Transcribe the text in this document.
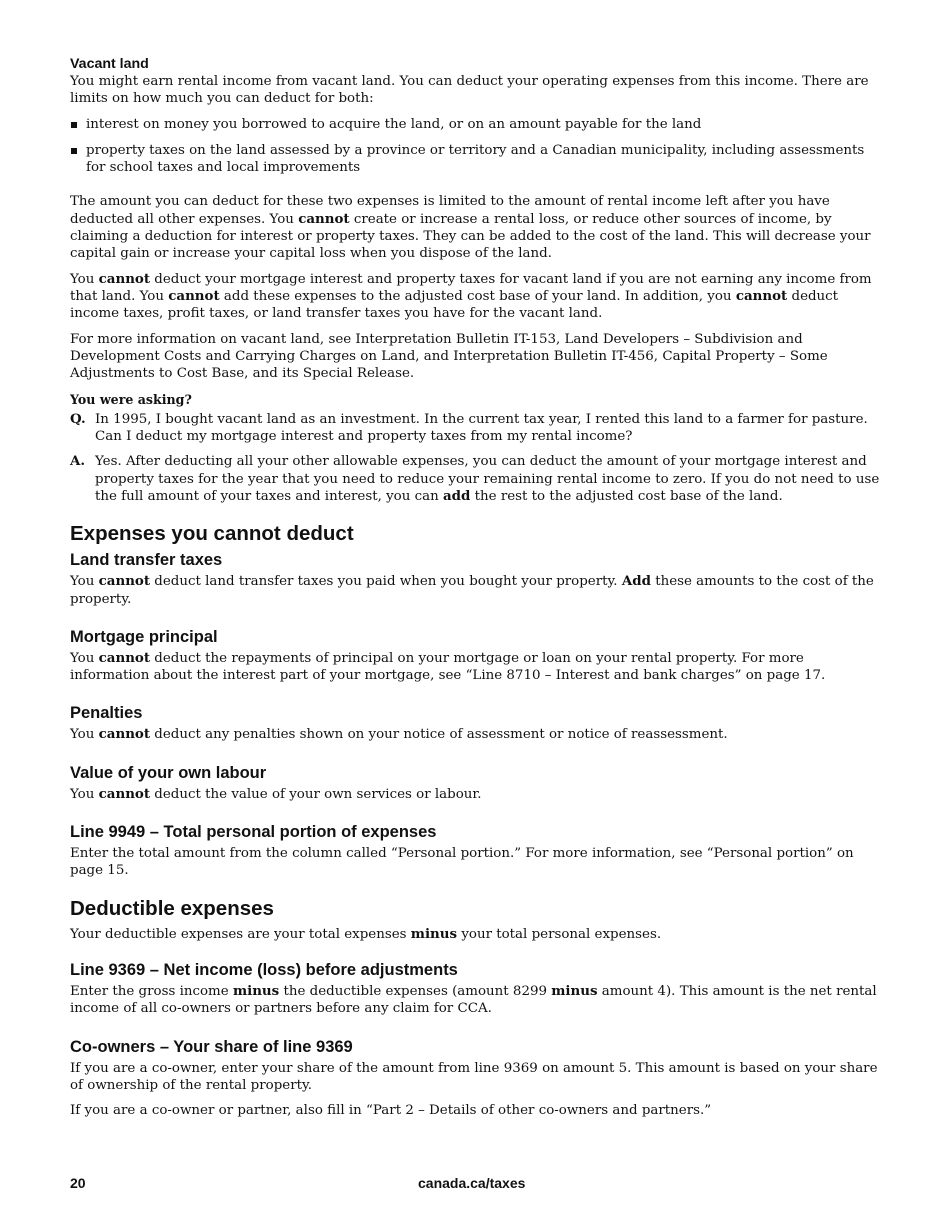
Vacant land

You might earn rental income from vacant land. You can deduct your operating expenses from this income. There are limits on how much you can deduct for both:

interest on money you borrowed to acquire the land, or on an amount payable for the land
property taxes on the land assessed by a province or territory and a Canadian municipality, including assessments for school taxes and local improvements

The amount you can deduct for these two expenses is limited to the amount of rental income left after you have deducted all other expenses. You cannot create or increase a rental loss, or reduce other sources of income, by claiming a deduction for interest or property taxes. They can be added to the cost of the land. This will decrease your capital gain or increase your capital loss when you dispose of the land.

You cannot deduct your mortgage interest and property taxes for vacant land if you are not earning any income from that land. You cannot add these expenses to the adjusted cost base of your land. In addition, you cannot deduct income taxes, profit taxes, or land transfer taxes you have for the vacant land.

For more information on vacant land, see Interpretation Bulletin IT-153, Land Developers – Subdivision and Development Costs and Carrying Charges on Land, and Interpretation Bulletin IT-456, Capital Property – Some Adjustments to Cost Base, and its Special Release.

You were asking?
Q. In 1995, I bought vacant land as an investment. In the current tax year, I rented this land to a farmer for pasture. Can I deduct my mortgage interest and property taxes from my rental income?
A. Yes. After deducting all your other allowable expenses, you can deduct the amount of your mortgage interest and property taxes for the year that you need to reduce your remaining rental income to zero. If you do not need to use the full amount of your taxes and interest, you can add the rest to the adjusted cost base of the land.
Expenses you cannot deduct
Land transfer taxes

You cannot deduct land transfer taxes you paid when you bought your property. Add these amounts to the cost of the property.

Mortgage principal

You cannot deduct the repayments of principal on your mortgage or loan on your rental property. For more information about the interest part of your mortgage, see “Line 8710 – Interest and bank charges” on page 17.

Penalties

You cannot deduct any penalties shown on your notice of assessment or notice of reassessment.

Value of your own labour

You cannot deduct the value of your own services or labour.

Line 9949 – Total personal portion of expenses

Enter the total amount from the column called “Personal portion.” For more information, see “Personal portion” on page 15.

Deductible expenses

Your deductible expenses are your total expenses minus your total personal expenses.

Line 9369 – Net income (loss) before adjustments

Enter the gross income minus the deductible expenses (amount 8299 minus amount 4). This amount is the net rental income of all co-owners or partners before any claim for CCA.

Co-owners – Your share of line 9369

If you are a co-owner, enter your share of the amount from line 9369 on amount 5. This amount is based on your share of ownership of the rental property.

If you are a co-owner or partner, also fill in “Part 2 – Details of other co-owners and partners.”

20	canada.ca/taxes
